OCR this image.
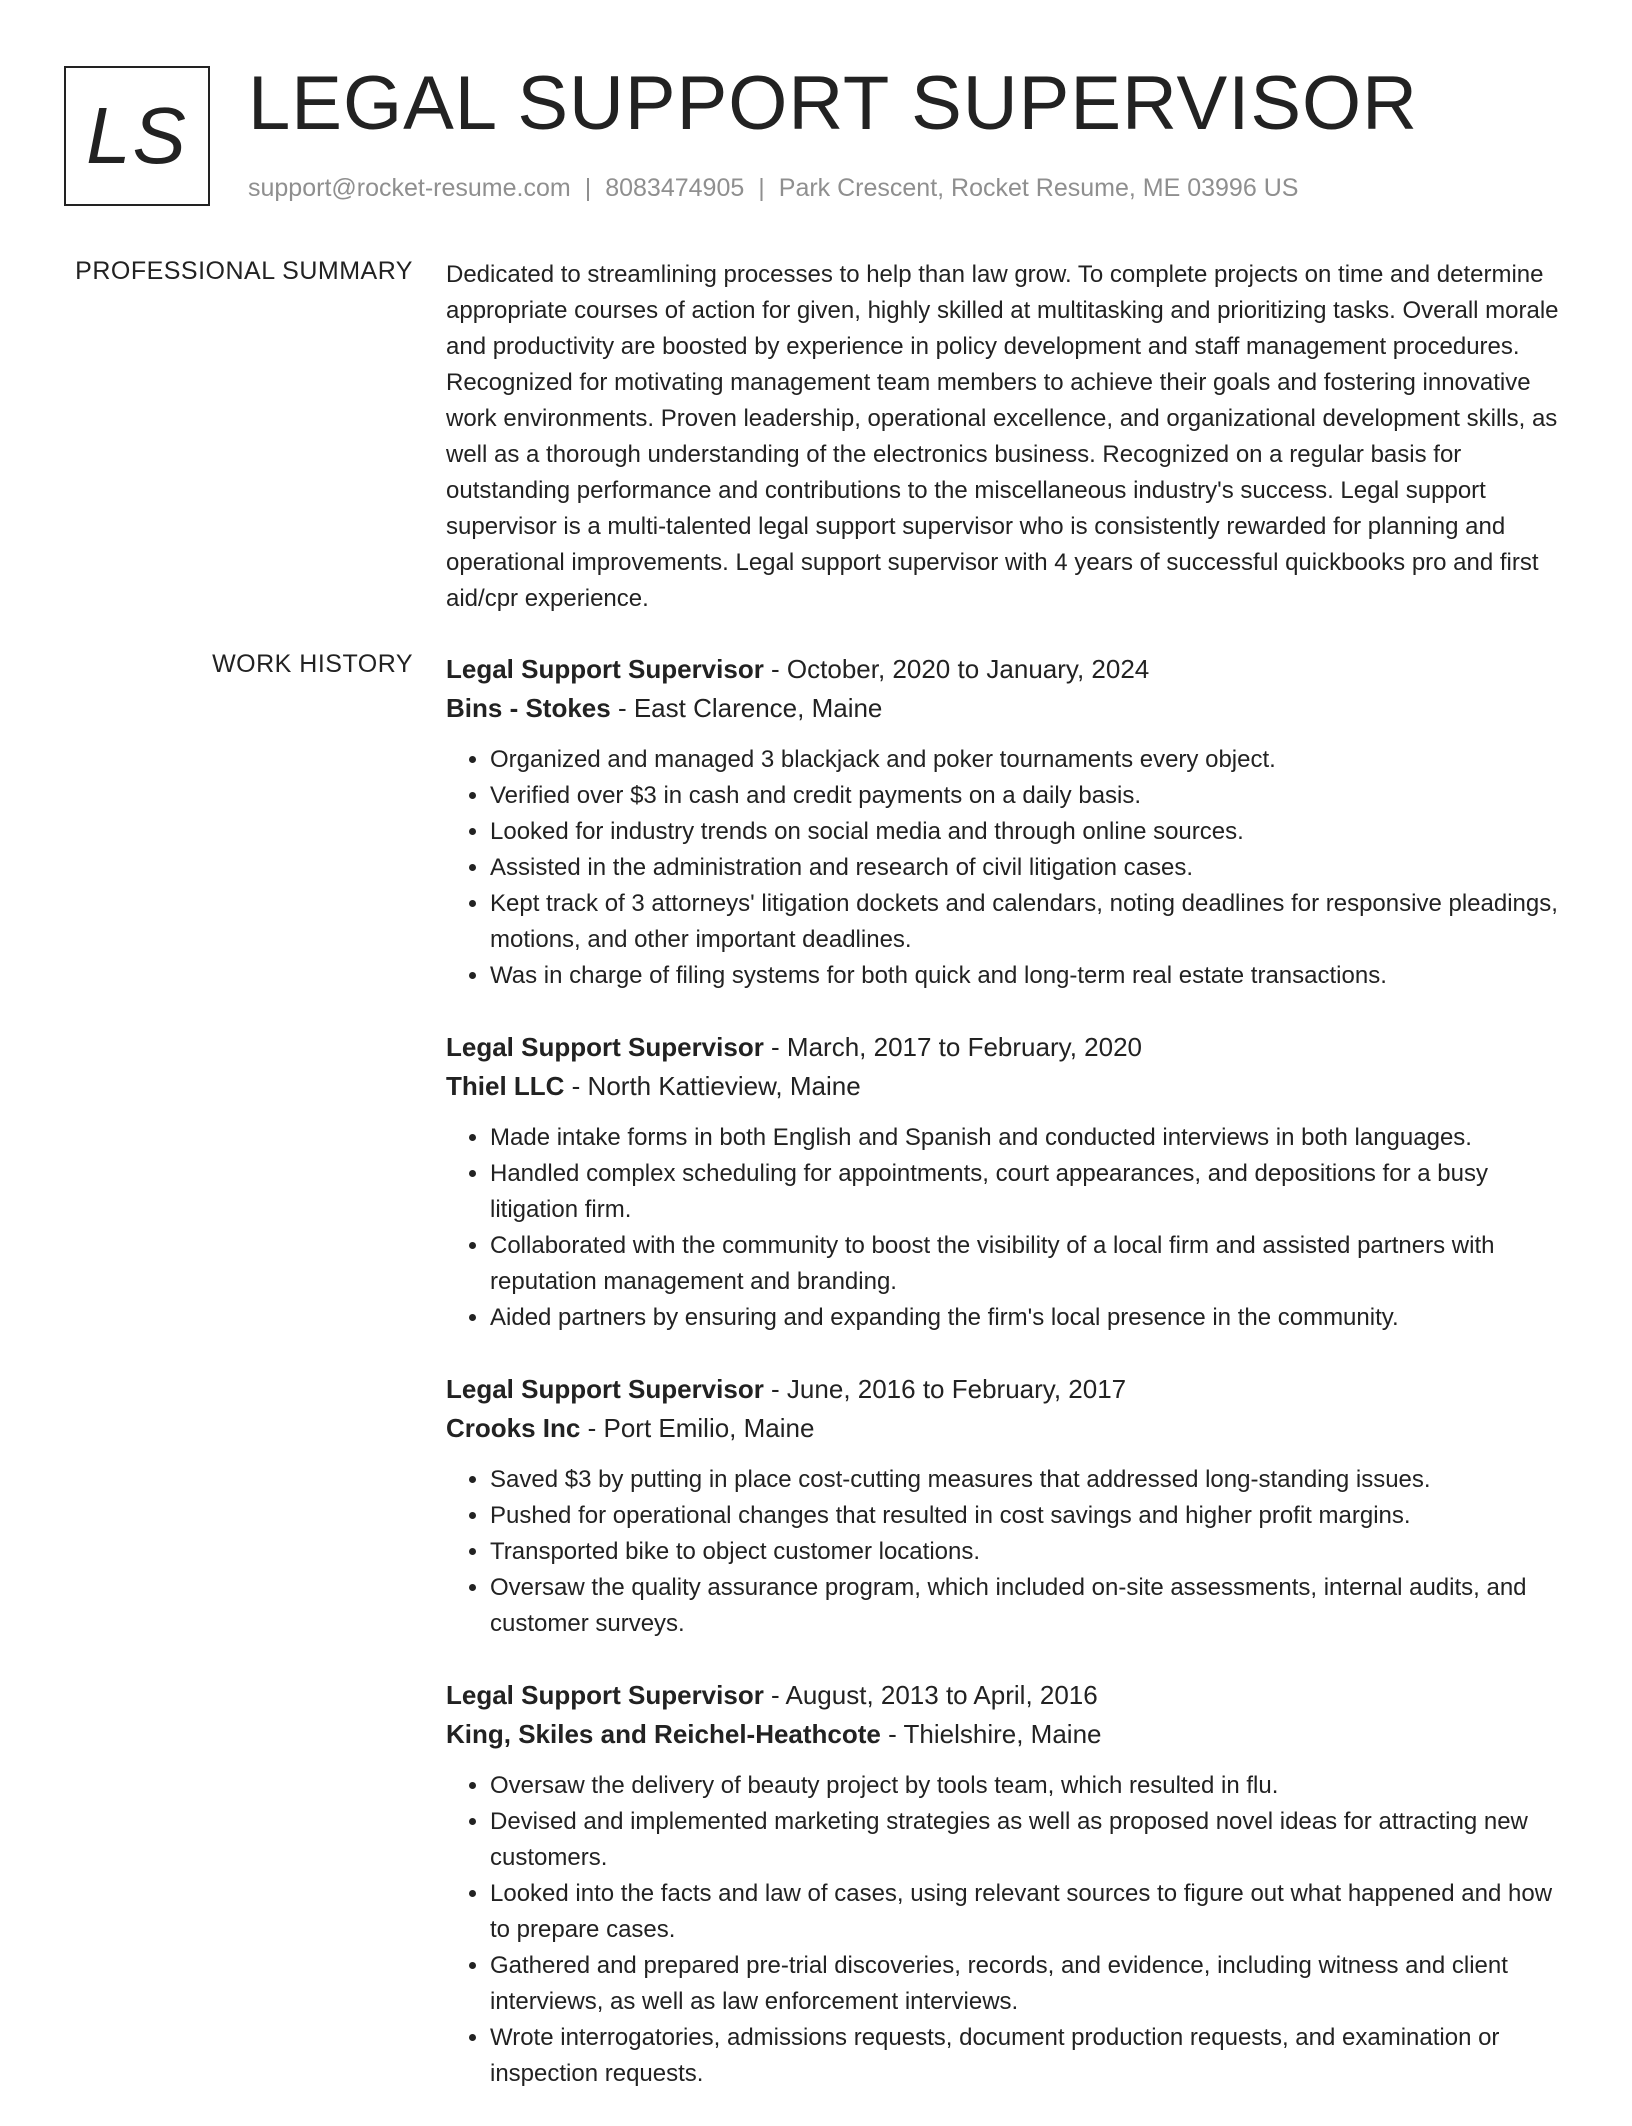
LS LEGAL SUPPORT SUPERVISOR
support@rocket-resume.com | 8083474905 | Park Crescent, Rocket Resume, ME 03996 US
PROFESSIONAL SUMMARY Dedicated to streamlining processes to help than law grow. To complete projects on time and determine appropriate courses of action for given, highly skilled at multitasking and prioritizing tasks. Overall morale and productivity are boosted by experience in policy development and staff management procedures. Recognized for motivating management team members to achieve their goals and fostering innovative work environments. Proven leadership, operational excellence, and organizational development skills, as well as a thorough understanding of the electronics business. Recognized on a regular basis for outstanding performance and contributions to the miscellaneous industry's success. Legal support supervisor is a multi-talented legal support supervisor who is consistently rewarded for planning and operational improvements. Legal support supervisor with 4 years of successful quickbooks pro and first aid/cpr experience.

WORK HISTORY Legal Support Supervisor - October, 2020 to January, 2024

Bins - Stokes - East Clarence, Maine

• Organized and managed 3 blackjack and poker tournaments every object.
• Verified over $3 in cash and credit payments on a daily basis.
• Looked for industry trends on social media and through online sources.
• Assisted in the administration and research of civil litigation cases.
• Kept track of 3 attorneys' litigation dockets and calendars, noting deadlines for responsive pleadings, motions, and other important deadlines.
• Was in charge of filing systems for both quick and long-term real estate transactions.

Legal Support Supervisor - March, 2017 to February, 2020

Thiel LLC - North Kattieview, Maine

• Made intake forms in both English and Spanish and conducted interviews in both languages.
• Handled complex scheduling for appointments, court appearances, and depositions for a busy litigation firm.
• Collaborated with the community to boost the visibility of a local firm and assisted partners with reputation management and branding.
• Aided partners by ensuring and expanding the firm's local presence in the community.

Legal Support Supervisor - June, 2016 to February, 2017

Crooks Inc - Port Emilio, Maine

• Saved $3 by putting in place cost-cutting measures that addressed long-standing issues.
• Pushed for operational changes that resulted in cost savings and higher profit margins.
• Transported bike to object customer locations.
• Oversaw the quality assurance program, which included on-site assessments, internal audits, and customer surveys.

Legal Support Supervisor - August, 2013 to April, 2016

King, Skiles and Reichel-Heathcote - Thielshire, Maine

• Oversaw the delivery of beauty project by tools team, which resulted in flu.
• Devised and implemented marketing strategies as well as proposed novel ideas for attracting new customers.
• Looked into the facts and law of cases, using relevant sources to figure out what happened and how to prepare cases.
• Gathered and prepared pre-trial discoveries, records, and evidence, including witness and client interviews, as well as law enforcement interviews.
• Wrote interrogatories, admissions requests, document production requests, and examination or inspection requests.
